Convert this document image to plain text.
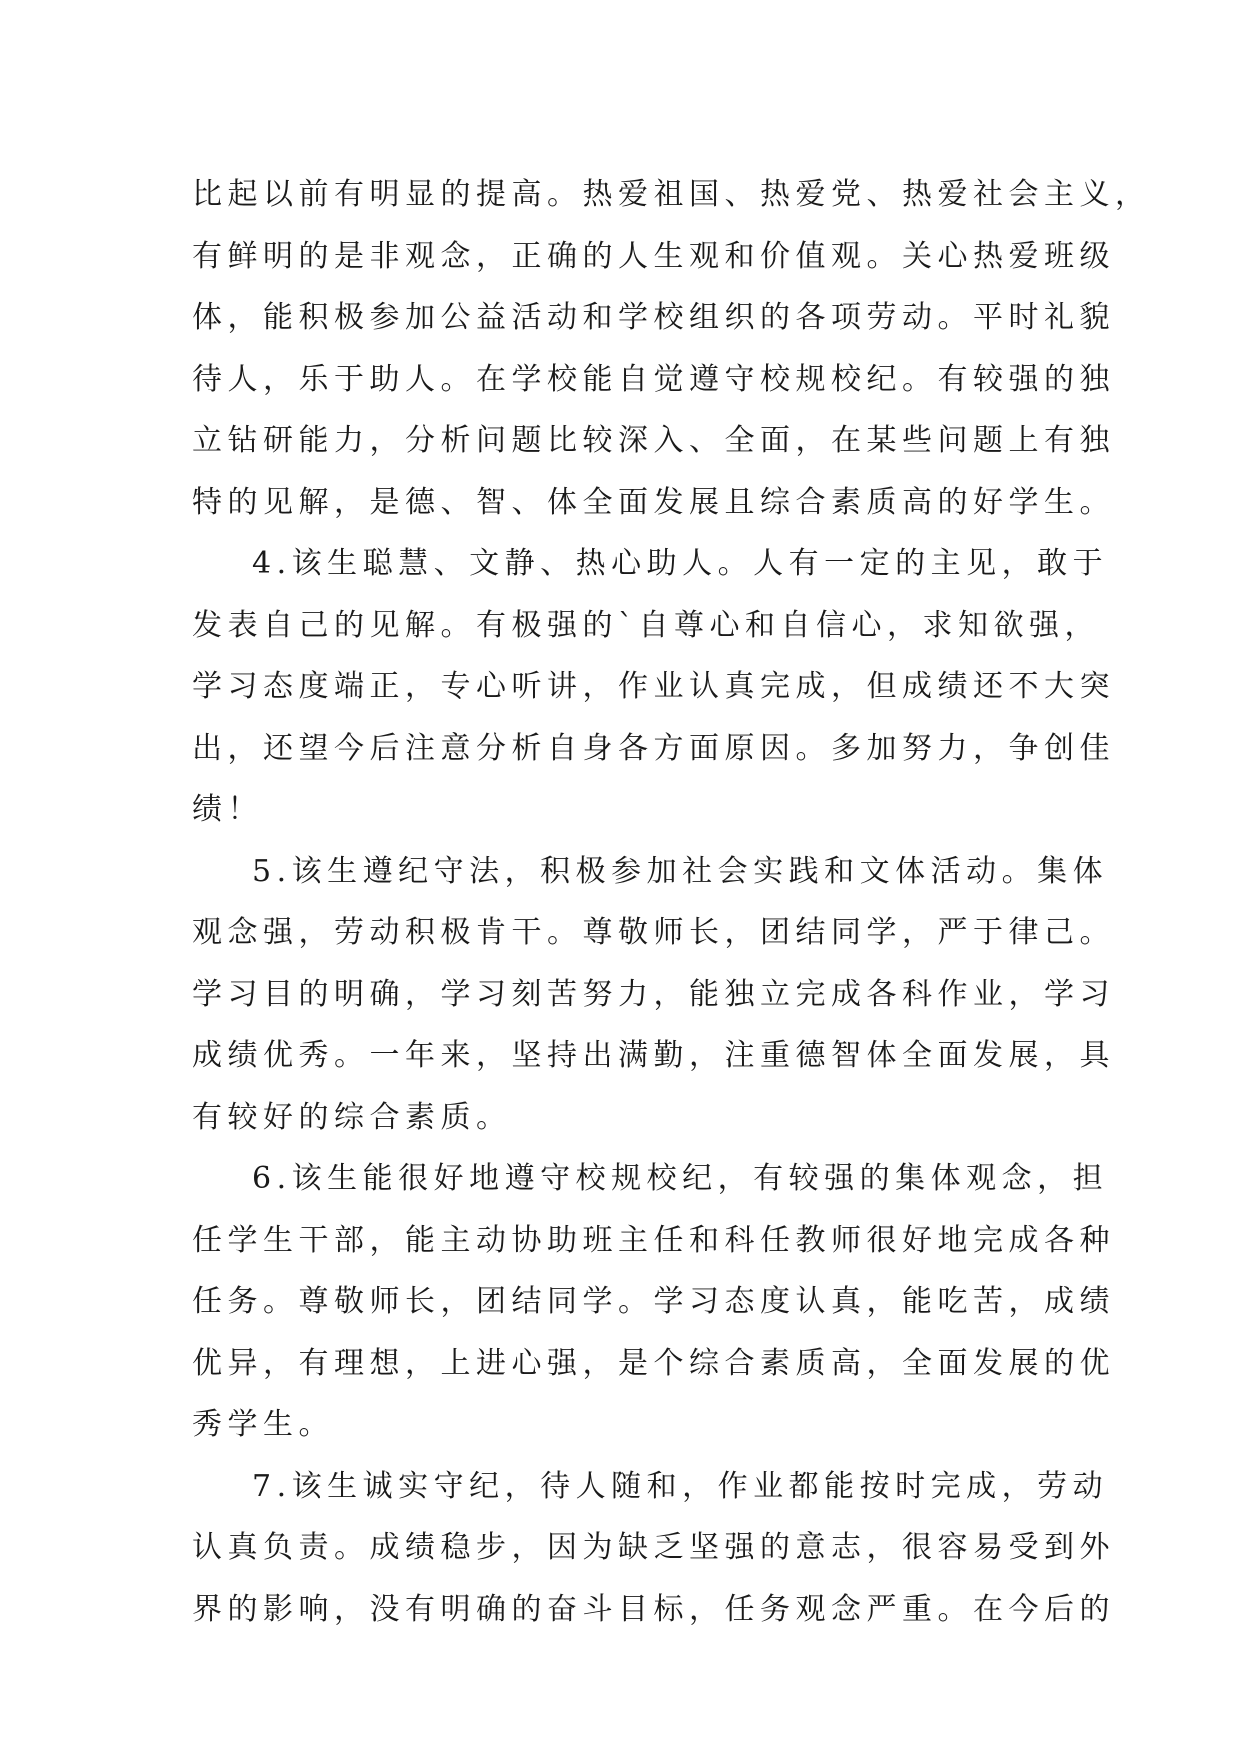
比起以前有明显的提高。热爱祖国、热爱党、热爱社会主义，
有鲜明的是非观念，正确的人生观和价值观。关心热爱班级
体，能积极参加公益活动和学校组织的各项劳动。平时礼貌
待人，乐于助人。在学校能自觉遵守校规校纪。有较强的独
立钻研能力，分析问题比较深入、全面，在某些问题上有独
特的见解，是德、智、体全面发展且综合素质高的好学生。
4.该生聪慧、文静、热心助人。人有一定的主见，敢于
发表自己的见解。有极强的`自尊心和自信心，求知欲强，
学习态度端正，专心听讲，作业认真完成，但成绩还不大突
出，还望今后注意分析自身各方面原因。多加努力，争创佳
绩！
5.该生遵纪守法，积极参加社会实践和文体活动。集体
观念强，劳动积极肯干。尊敬师长，团结同学，严于律己。
学习目的明确，学习刻苦努力，能独立完成各科作业，学习
成绩优秀。一年来，坚持出满勤，注重德智体全面发展，具
有较好的综合素质。
6.该生能很好地遵守校规校纪，有较强的集体观念，担
任学生干部，能主动协助班主任和科任教师很好地完成各种
任务。尊敬师长，团结同学。学习态度认真，能吃苦，成绩
优异，有理想，上进心强，是个综合素质高，全面发展的优
秀学生。
7.该生诚实守纪，待人随和，作业都能按时完成，劳动
认真负责。成绩稳步，因为缺乏坚强的意志，很容易受到外
界的影响，没有明确的奋斗目标，任务观念严重。在今后的
